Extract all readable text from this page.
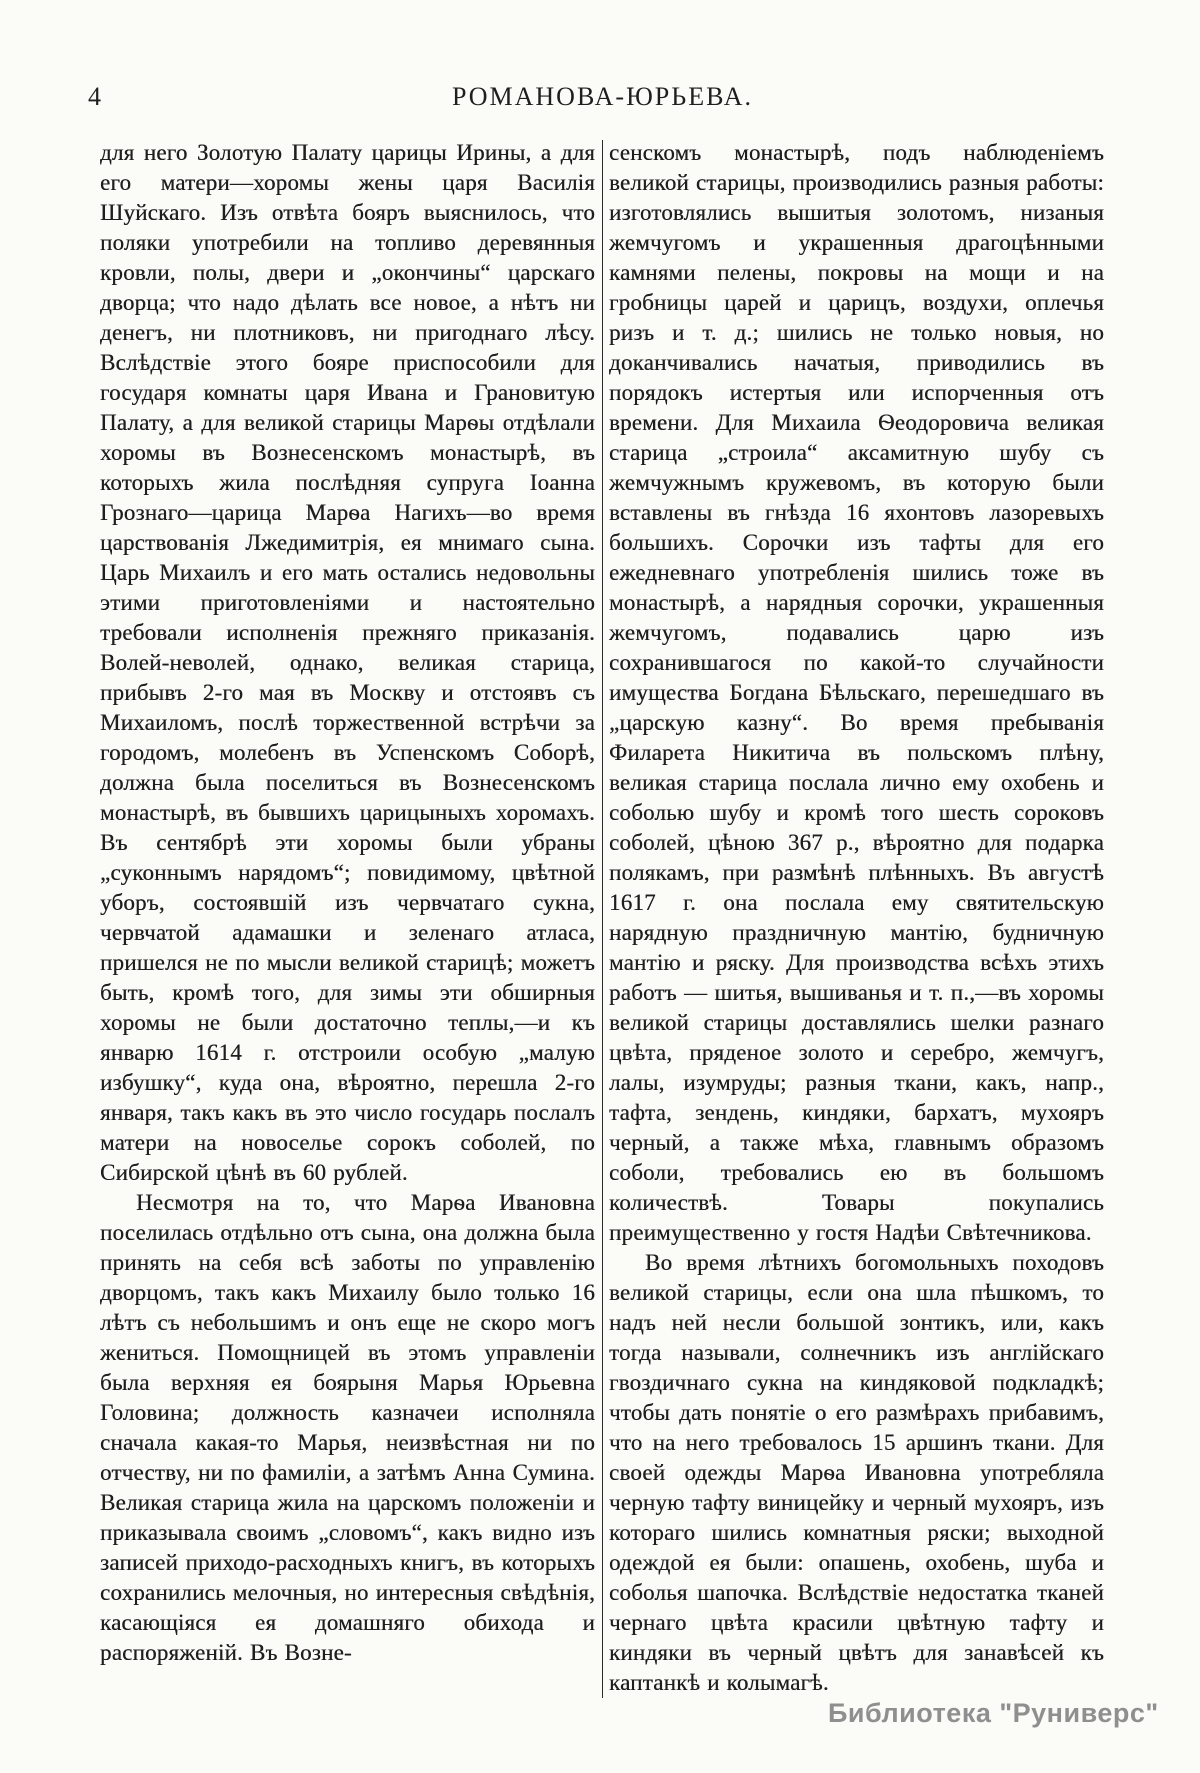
4	РОМАНОВА-ЮРЬЕВА.

для него Золотую Палату царицы Ирины, а для его матери—хоромы жены царя Василія Шуйскаго. Изъ отвѣта бояръ выяснилось, что поляки употребили на топливо деревянныя кровли, полы, двери и „окончины“ царскаго дворца; что надо дѣлать все новое, а нѣтъ ни денегъ, ни плотниковъ, ни пригоднаго лѣсу. Вслѣдствіе этого бояре приспособили для государя комнаты царя Ивана и Грановитую Палату, а для великой старицы Марѳы отдѣлали хоромы въ Вознесенскомъ монастырѣ, въ которыхъ жила послѣдняя супруга Іоанна Грознаго—царица Марѳа Нагихъ—во время царствованія Лжедимитрія, ея мнимаго сына. Царь Михаилъ и его мать остались недовольны этими приготовленіями и настоятельно требовали исполненія прежняго приказанія. Волей-неволей, однако, великая старица, прибывъ 2-го мая въ Москву и отстоявъ съ Михаиломъ, послѣ торжественной встрѣчи за городомъ, молебенъ въ Успенскомъ Соборѣ, должна была поселиться въ Вознесенскомъ монастырѣ, въ бывшихъ царицыныхъ хоромахъ. Въ сентябрѣ эти хоромы были убраны „суконнымъ нарядомъ“; повидимому, цвѣтной уборъ, состоявшій изъ червчатаго сукна, червчатой адамашки и зеленаго атласа, пришелся не по мысли великой старицѣ; можетъ быть, кромѣ того, для зимы эти обширныя хоромы не были достаточно теплы,—и къ январю 1614 г. отстроили особую „малую избушку“, куда она, вѣроятно, перешла 2-го января, такъ какъ въ это число государь послалъ матери на новоселье сорокъ соболей, по Сибирской цѣнѣ въ 60 рублей.

Несмотря на то, что Марѳа Ивановна поселилась отдѣльно отъ сына, она должна была принять на себя всѣ заботы по управленію дворцомъ, такъ какъ Михаилу было только 16 лѣтъ съ небольшимъ и онъ еще не скоро могъ жениться. Помощницей въ этомъ управленіи была верхняя ея боярыня Марья Юрьевна Головина; должность казначеи исполняла сначала какая-то Марья, неизвѣстная ни по отчеству, ни по фамиліи, а затѣмъ Анна Сумина. Великая старица жила на царскомъ положеніи и приказывала своимъ „словомъ“, какъ видно изъ записей приходо-расходныхъ книгъ, въ которыхъ сохранились мелочныя, но интересныя свѣдѣнія, касающіяся ея домашняго обихода и распоряженій. Въ Возне-

сенскомъ монастырѣ, подъ наблюденіемъ великой старицы, производились разныя работы: изготовлялись вышитыя золотомъ, низаныя жемчугомъ и украшенныя драгоцѣнными камнями пелены, покровы на мощи и на гробницы царей и царицъ, воздухи, оплечья ризъ и т. д.; шились не только новыя, но доканчивались начатыя, приводились въ порядокъ истертыя или испорченныя отъ времени. Для Михаила Ѳеодоровича великая старица „строила“ аксамитную шубу съ жемчужнымъ кружевомъ, въ которую были вставлены въ гнѣзда 16 яхонтовъ лазоревыхъ большихъ. Сорочки изъ тафты для его ежедневнаго употребленія шились тоже въ монастырѣ, а нарядныя сорочки, украшенныя жемчугомъ, подавались царю изъ сохранившагося по какой-то случайности имущества Богдана Бѣльскаго, перешедшаго въ „царскую казну“. Во время пребыванія Филарета Никитича въ польскомъ плѣну, великая старица послала лично ему охобень и соболью шубу и кромѣ того шесть сороковъ соболей, цѣною 367 р., вѣроятно для подарка полякамъ, при размѣнѣ плѣнныхъ. Въ августѣ 1617 г. она послала ему святительскую нарядную праздничную мантію, будничную мантію и ряску. Для производства всѣхъ этихъ работъ — шитья, вышиванья и т. п.,—въ хоромы великой старицы доставлялись шелки разнаго цвѣта, пряденое золото и серебро, жемчугъ, лалы, изумруды; разныя ткани, какъ, напр., тафта, зендень, киндяки, бархатъ, мухояръ черный, а также мѣха, главнымъ образомъ соболи, требовались ею въ большомъ количествѣ. Товары покупались преимущественно у гостя Надѣи Свѣтечникова.

Во время лѣтнихъ богомольныхъ походовъ великой старицы, если она шла пѣшкомъ, то надъ ней несли большой зонтикъ, или, какъ тогда называли, солнечникъ изъ англійскаго гвоздичнаго сукна на киндяковой подкладкѣ; чтобы дать понятіе о его размѣрахъ прибавимъ, что на него требовалось 15 аршинъ ткани. Для своей одежды Марѳа Ивановна употребляла черную тафту виницейку и черный мухояръ, изъ котораго шились комнатныя ряски; выходной одеждой ея были: опашень, охобень, шуба и соболья шапочка. Вслѣдствіе недостатка тканей чернаго цвѣта красили цвѣтную тафту и киндяки въ черный цвѣтъ для занавѣсей къ каптанкѣ и колымагѣ.

Библиотека "Руниверс"
